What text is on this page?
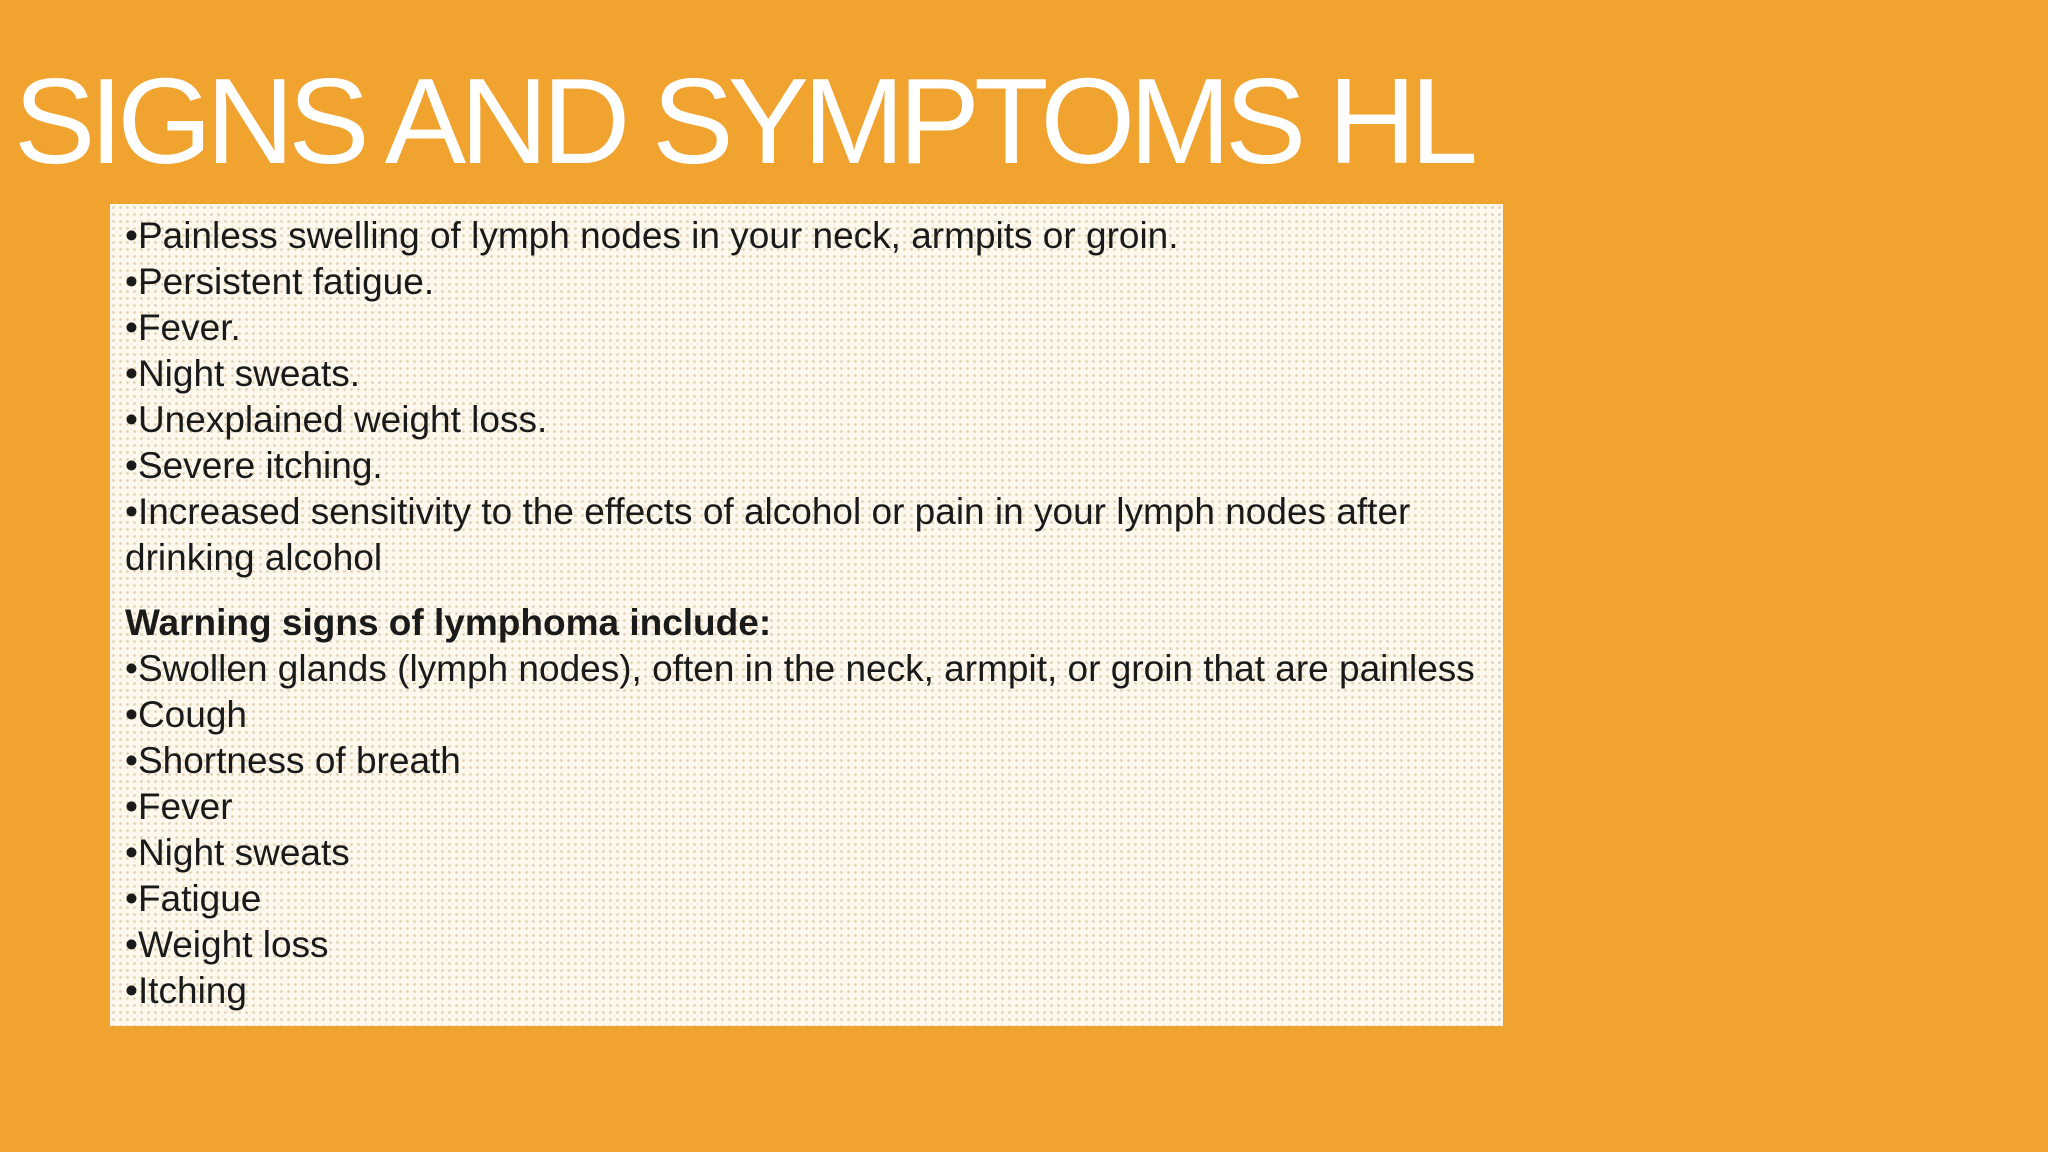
SIGNS AND SYMPTOMS HL
•Painless swelling of lymph nodes in your neck, armpits or groin.
•Persistent fatigue.
•Fever.
•Night sweats.
•Unexplained weight loss.
•Severe itching.
•Increased sensitivity to the effects of alcohol or pain in your lymph nodes after drinking alcohol
Warning signs of lymphoma include:
•Swollen glands (lymph nodes), often in the neck, armpit, or groin that are painless
•Cough
•Shortness of breath
•Fever
•Night sweats
•Fatigue
•Weight loss
•Itching
